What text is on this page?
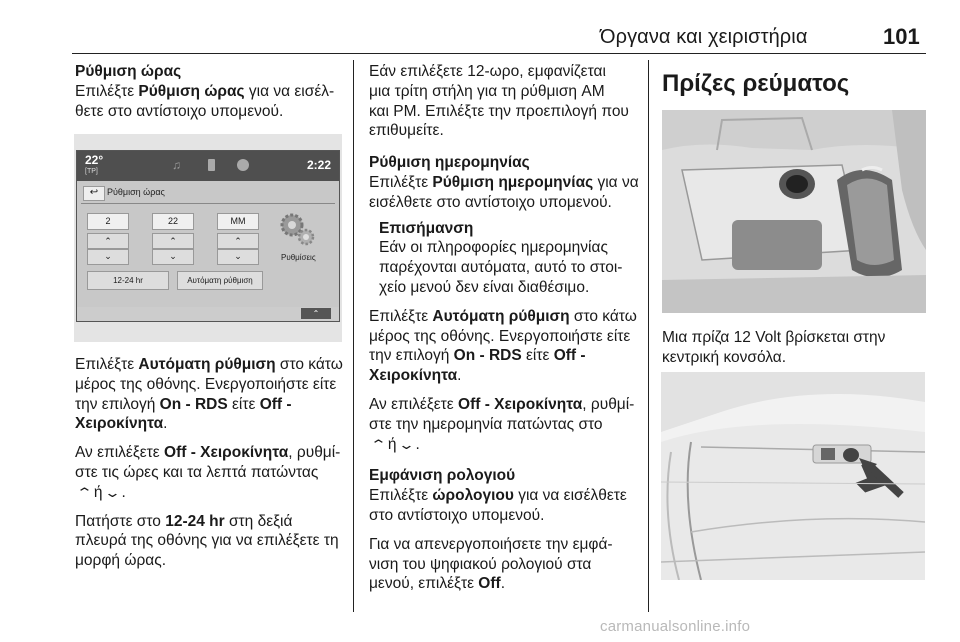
Όργανα και χειριστήρια	101

Ρύθμιση ώρας

Επιλέξτε Ρύθμιση ώρας για να εισέλ-
θετε στο αντίστοιχο υπομενού.

22°
[TP]	♫	2:22
↩ Ρύθμιση ώρας
2	22	MM
⌃
⌄
⌃
⌄
⌃
⌄
12-24 hr	Αυτόματη ρύθμιση
Ρυθμίσεις
⌃

Επιλέξτε Αυτόματη ρύθμιση στο κάτω
μέρος της οθόνης. Ενεργοποιήστε είτε
την επιλογή On - RDS είτε Off -
Χειροκίνητα.

Αν επιλέξετε Off - Χειροκίνητα, ρυθμί-
στε τις ώρες και τα λεπτά πατώντας
⌃ή⌄.

Πατήστε στο 12-24 hr στη δεξιά
πλευρά της οθόνης για να επιλέξετε τη
μορφή ώρας.

Εάν επιλέξετε 12-ωρο, εμφανίζεται
μια τρίτη στήλη για τη ρύθμιση AM
και PM. Επιλέξτε την προεπιλογή που
επιθυμείτε.

Ρύθμιση ημερομηνίας

Επιλέξτε Ρύθμιση ημερομηνίας για να
εισέλθετε στο αντίστοιχο υπομενού.

Επισήμανση

Εάν οι πληροφορίες ημερομηνίας
παρέχονται αυτόματα, αυτό το στοι-
χείο μενού δεν είναι διαθέσιμο.

Επιλέξτε Αυτόματη ρύθμιση στο κάτω
μέρος της οθόνης. Ενεργοποιήστε είτε
την επιλογή On - RDS είτε Off -
Χειροκίνητα.

Αν επιλέξετε Off - Χειροκίνητα, ρυθμί-
στε την ημερομηνία πατώντας στο
⌃ή⌄.

Εμφάνιση ρολογιού

Επιλέξτε ώρολογιου για να εισέλθετε
στο αντίστοιχο υπομενού.

Για να απενεργοποιήσετε την εμφά-
νιση του ψηφιακού ρολογιού στα
μενού, επιλέξτε Off.

Πρίζες ρεύματος

Μια πρίζα 12 Volt βρίσκεται στην
κεντρική κονσόλα.

carmanualsonline.info
